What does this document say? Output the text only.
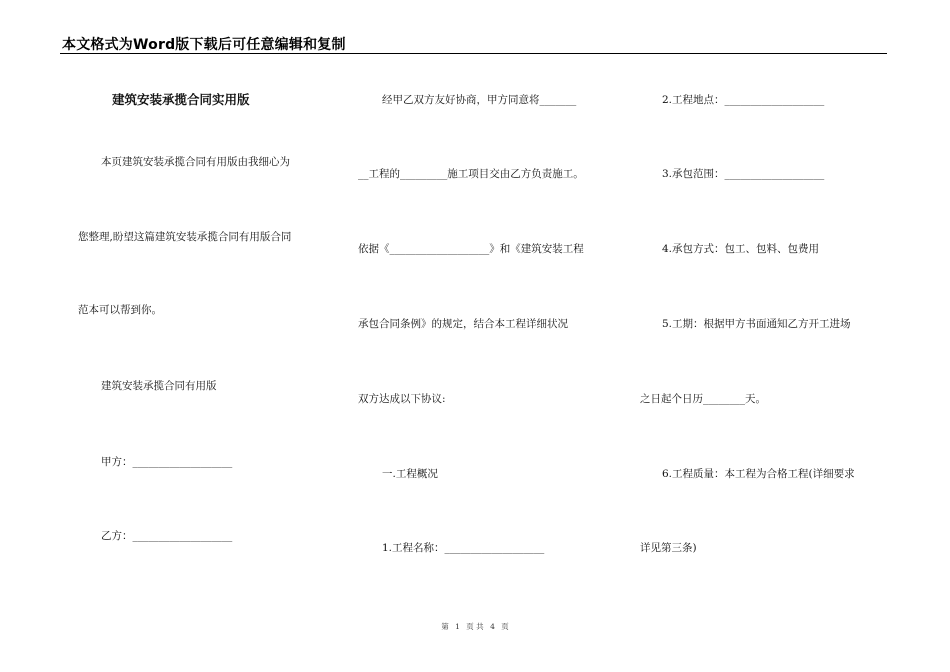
本文格式为Word版下载后可任意编辑和复制
建筑安装承揽合同实用版
本页建筑安装承揽合同有用版由我细心为
您整理,盼望这篇建筑安装承揽合同有用版合同
范本可以帮到你。
建筑安装承揽合同有用版
甲方：___________________
乙方：___________________
经甲乙双方友好协商，甲方同意将_______
__工程的_________施工项目交由乙方负责施工。
依据《___________________》和《建筑安装工程
承包合同条例》的规定，结合本工程详细状况
双方达成以下协议:
一.工程概况
1.工程名称：___________________
2.工程地点：___________________
3.承包范围：___________________
4.承包方式：包工、包料、包费用
5.工期：根据甲方书面通知乙方开工进场
之日起个日历________天。
6.工程质量：本工程为合格工程(详细要求
详见第三条)
第 1 页 共 4 页
